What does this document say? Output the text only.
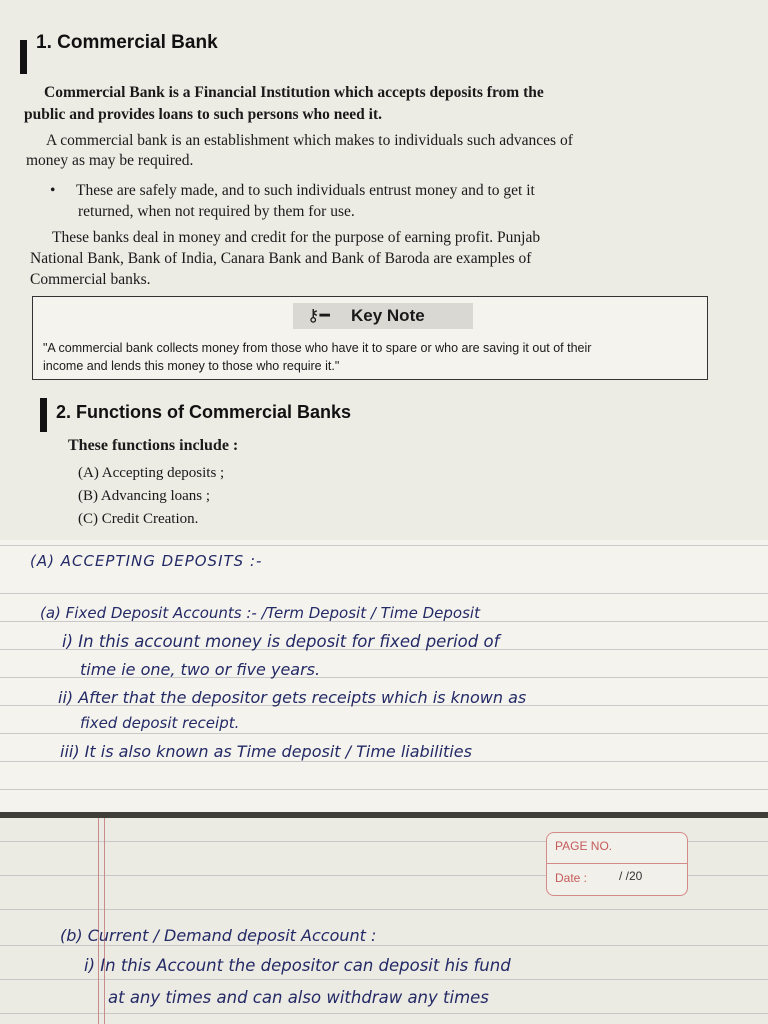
1. Commercial Bank

Commercial Bank is a Financial Institution which accepts deposits from the

public and provides loans to such persons who need it.

A commercial bank is an establishment which makes to individuals such advances of

money as may be required.

• These are safely made, and to such individuals entrust money and to get it
returned, when not required by them for use.

These banks deal in money and credit for the purpose of earning profit. Punjab

National Bank, Bank of India, Canara Bank and Bank of Baroda are examples of

Commercial banks.

⚷━ Key Note
"A commercial bank collects money from those who have it to spare or who are saving it out of their
income and lends this money to those who require it."
2. Functions of Commercial Banks
These functions include :
(A) Accepting deposits ;
(B) Advancing loans ;
(C) Credit Creation.
(A) ACCEPTING DEPOSITS :-
(a) Fixed Deposit Accounts :- /Term Deposit / Time Deposit
i) In this account money is deposit for fixed period of
time ie one, two or five years.
ii) After that the depositor gets receipts which is known as
fixed deposit receipt.
iii) It is also known as Time deposit / Time liabilities
PAGE NO.
Date :	/ /20
(b) Current / Demand deposit Account :
i) In this Account the depositor can deposit his fund
at any times and can also withdraw any times
